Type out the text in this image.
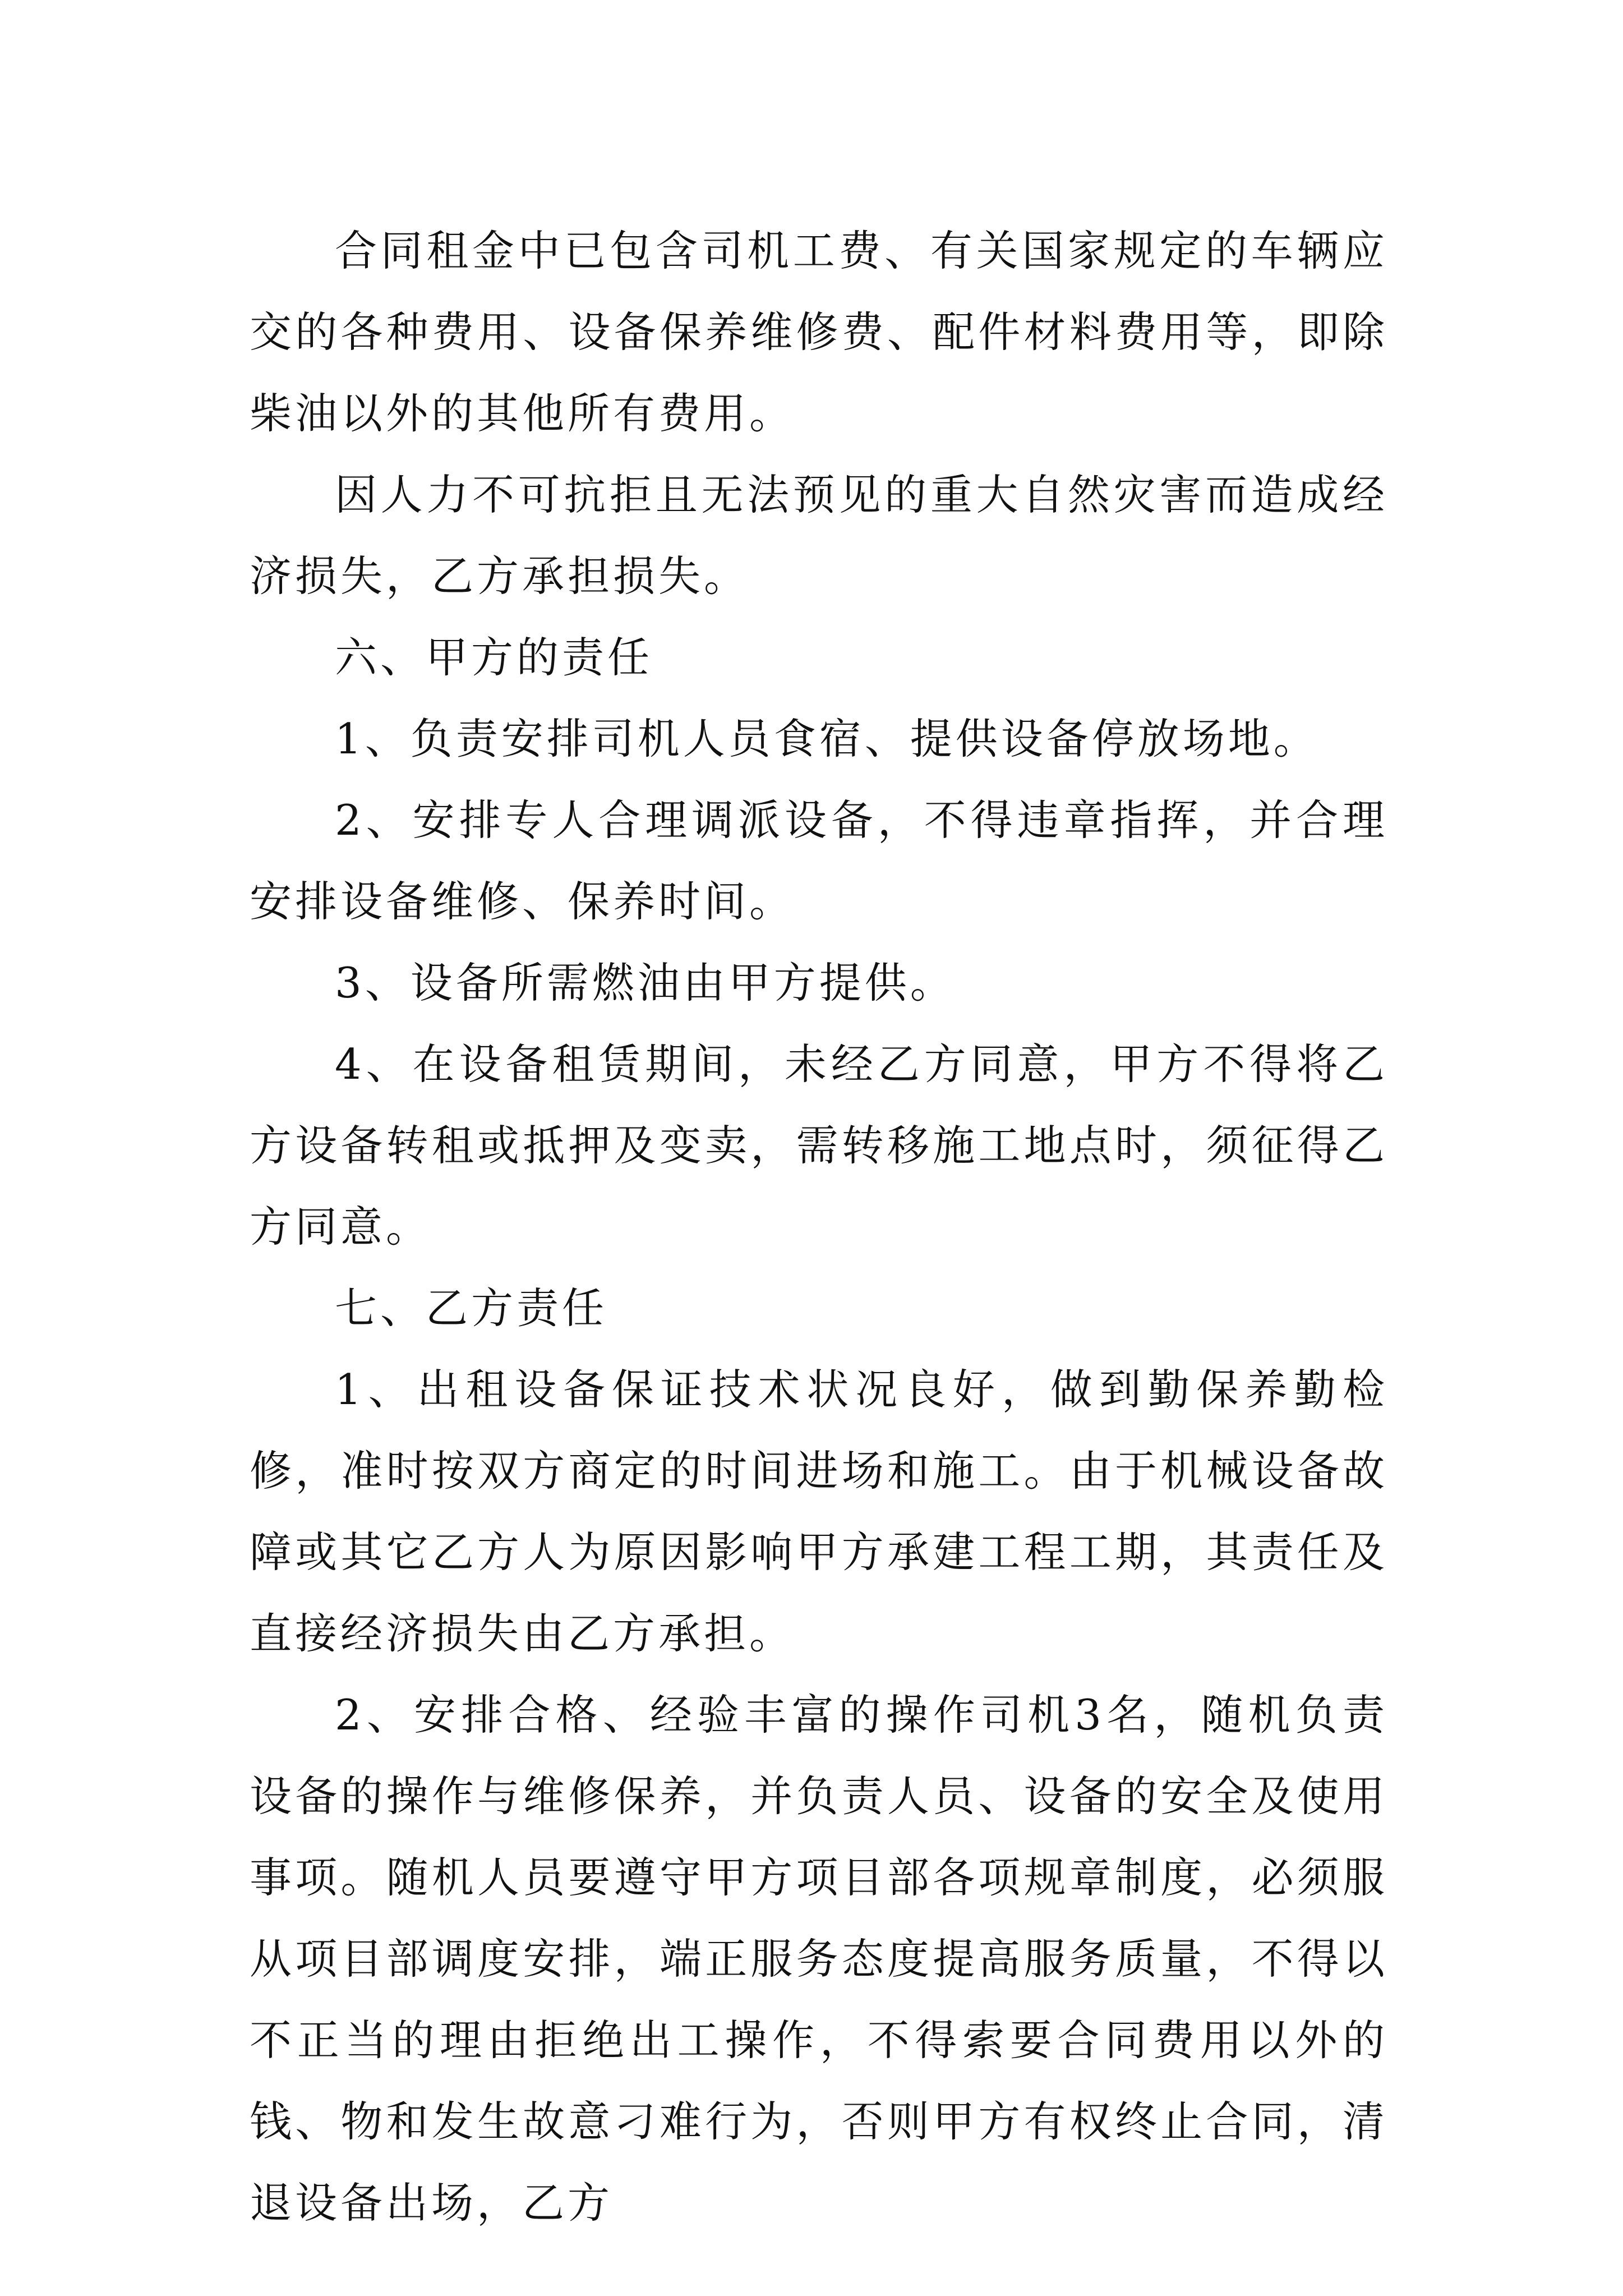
合同租金中已包含司机工费、有关国家规定的车辆应交的各种费用、设备保养维修费、配件材料费用等，即除柴油以外的其他所有费用。

因人力不可抗拒且无法预见的重大自然灾害而造成经济损失，乙方承担损失。

六、甲方的责任

1、负责安排司机人员食宿、提供设备停放场地。

2、安排专人合理调派设备，不得违章指挥，并合理安排设备维修、保养时间。

3、设备所需燃油由甲方提供。

4、在设备租赁期间，未经乙方同意，甲方不得将乙方设备转租或抵押及变卖，需转移施工地点时，须征得乙方同意。

七、乙方责任

1、出租设备保证技术状况良好，做到勤保养勤检修，准时按双方商定的时间进场和施工。由于机械设备故障或其它乙方人为原因影响甲方承建工程工期，其责任及直接经济损失由乙方承担。

2、安排合格、经验丰富的操作司机3名，随机负责设备的操作与维修保养，并负责人员、设备的安全及使用事项。随机人员要遵守甲方项目部各项规章制度，必须服从项目部调度安排，端正服务态度提高服务质量，不得以不正当的理由拒绝出工操作，不得索要合同费用以外的钱、物和发生故意刁难行为，否则甲方有权终止合同，清退设备出场，乙方
